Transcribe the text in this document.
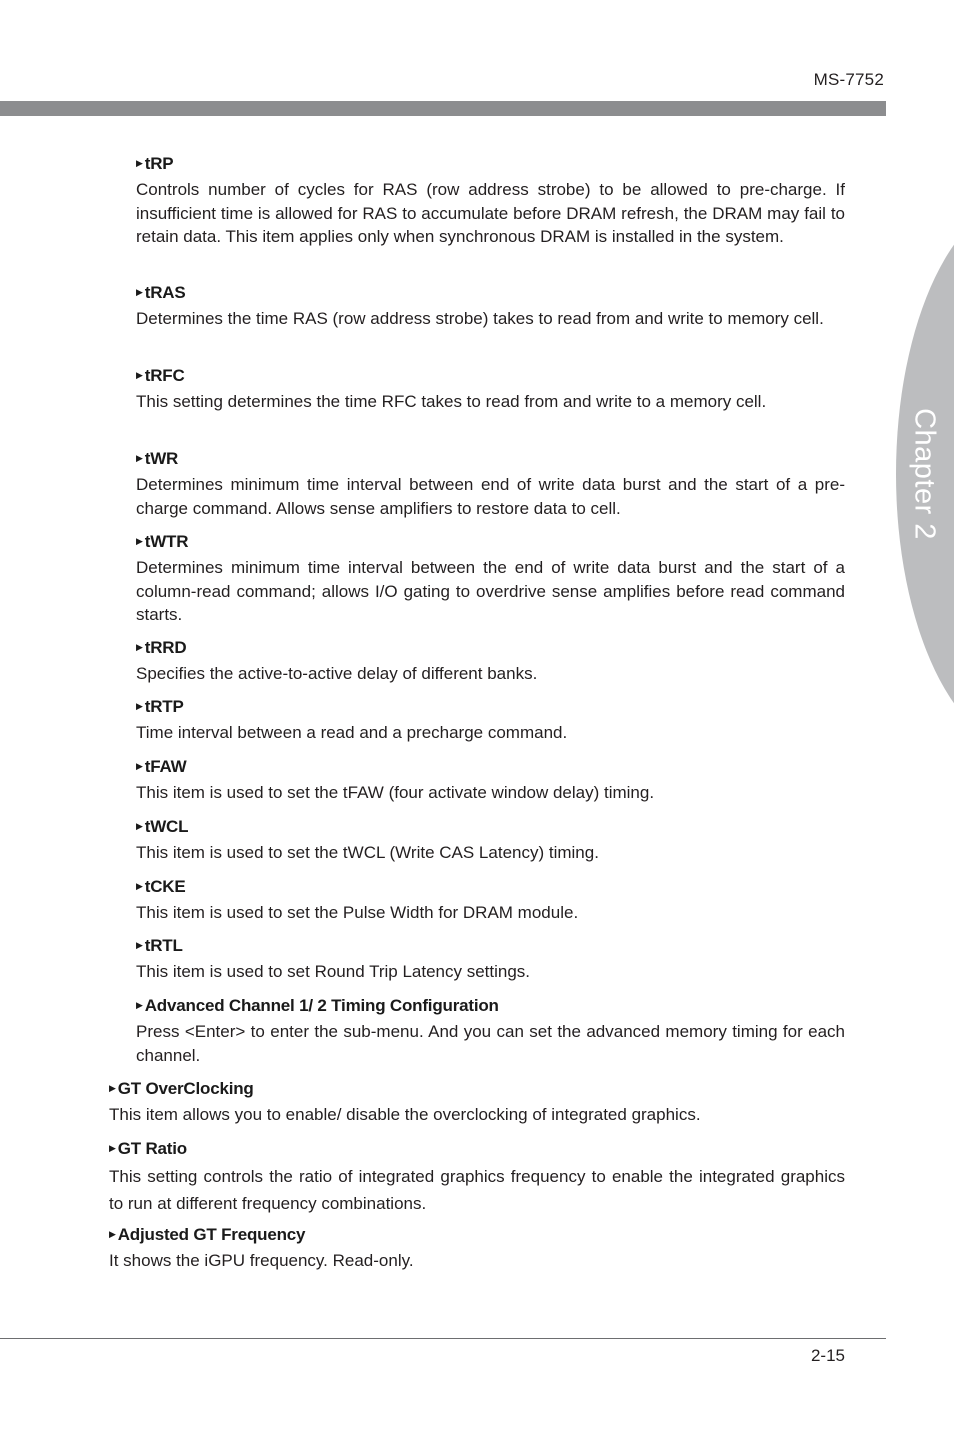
MS-7752
Chapter 2
▶ tRP
Controls number of cycles for RAS (row address strobe) to be allowed to pre-charge. If insufficient time is allowed for RAS to accumulate before DRAM refresh, the DRAM may fail to retain data. This item applies only when synchronous DRAM is installed in the system.
▶ tRAS
Determines the time RAS (row address strobe) takes to read from and write to memory cell.
▶ tRFC
This setting determines the time RFC takes to read from and write to a memory cell.
▶ tWR
Determines minimum time interval between end of write data burst and the start of a pre-charge command. Allows sense amplifiers to restore data to cell.
▶ tWTR
Determines minimum time interval between the end of write data burst and the start of a column-read command; allows I/O gating to overdrive sense amplifies before read command starts.
▶ tRRD
Specifies the active-to-active delay of different banks.
▶ tRTP
Time interval between a read and a precharge command.
▶ tFAW
This item is used to set the tFAW (four activate window delay) timing.
▶ tWCL
This item is used to set the tWCL (Write CAS Latency) timing.
▶ tCKE
This item is used to set the Pulse Width for DRAM module.
▶ tRTL
This item is used to set Round Trip Latency settings.
▶ Advanced Channel 1/ 2 Timing Configuration
Press <Enter> to enter the sub-menu. And you can set the advanced memory timing for each channel.
▶ GT OverClocking
This item allows you to enable/ disable the overclocking of integrated graphics.
▶ GT Ratio
This setting controls the ratio of integrated graphics frequency to enable the integrated graphics to run at different frequency combinations.
▶ Adjusted GT Frequency
It shows the iGPU frequency. Read-only.
2-15
